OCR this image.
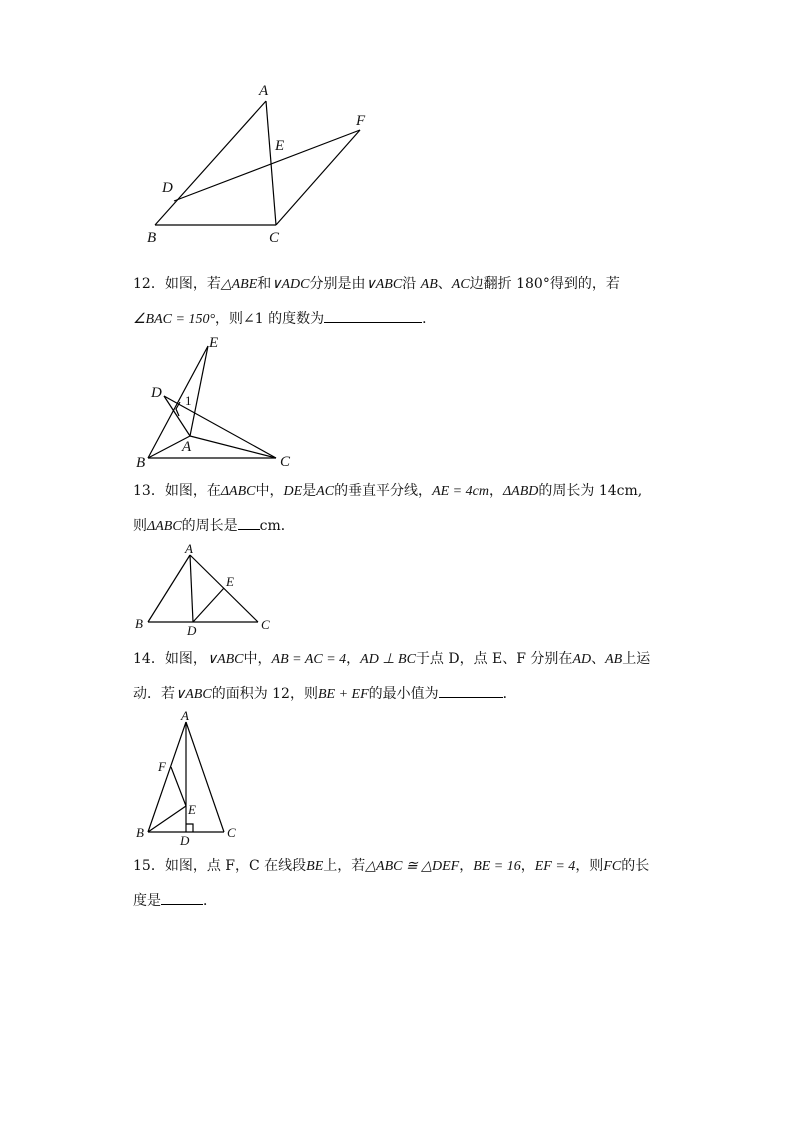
A
F
E
D
B	C
12．如图，若△ABE和∨ADC分别是由∨ABC沿 AB、AC边翻折 180°得到的，若
∠BAC = 150°，则∠1 的度数为	．
E
D 1
A
B	C
13．如图，在ΔABC中，DE是AC的垂直平分线，AE = 4cm，ΔABD的周长为 14cm,
则ΔABC的周长是 cm．
A
E
B	D	C
14．如图，∨ABC中，AB = AC = 4，AD ⊥ BC于点 D，点 E、F 分别在AD、AB上运
动．若∨ABC的面积为 12，则BE + EF的最小值为	．
A
F
E
B
D
C
15．如图，点 F，C 在线段BE上，若△ABC ≅ △DEF，BE = 16，EF = 4，则FC的长
度是	．
